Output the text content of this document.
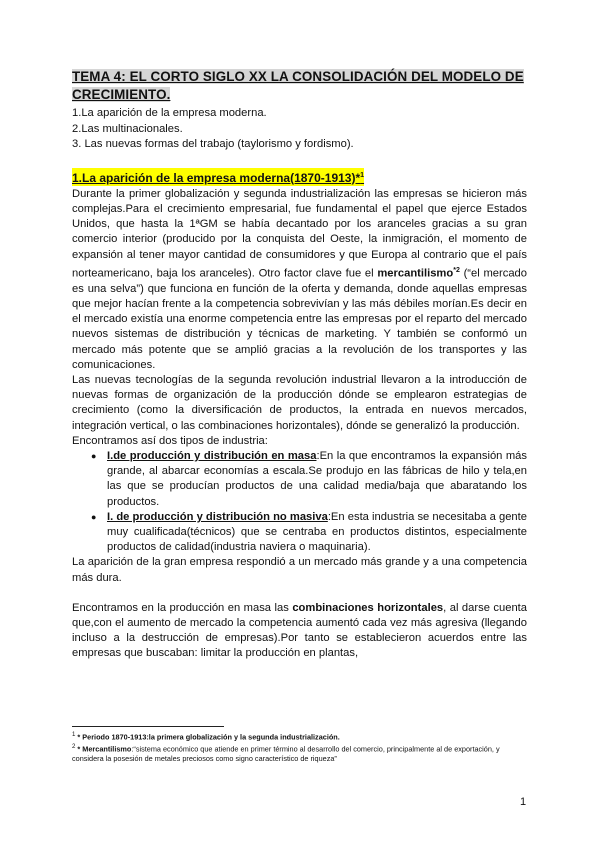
TEMA 4: EL CORTO SIGLO XX LA CONSOLIDACIÓN DEL MODELO DE CRECIMIENTO.
1.La aparición de la empresa moderna.
2.Las multinacionales.
3. Las nuevas formas del trabajo (taylorismo y fordismo).
1.La aparición de la empresa moderna(1870-1913)*$^1$

Durante la primer globalización y segunda industrialización las empresas se hicieron más complejas.Para el crecimiento empresarial, fue fundamental el papel que ejerce Estados Unidos, que hasta la 1ªGM se había decantado por los aranceles gracias a su gran comercio interior (producido por la conquista del Oeste, la inmigración, el momento de expansión al tener mayor cantidad de consumidores y que Europa al contrario que el país norteamericano, baja los aranceles). Otro factor clave fue el mercantilismo$^{*2}$ (“el mercado es una selva”) que funciona en función de la oferta y demanda, donde aquellas empresas que mejor hacían frente a la competencia sobrevivían y las más débiles morían.Es decir en el mercado existía una enorme competencia entre las empresas por el reparto del mercado nuevos sistemas de distribución y técnicas de marketing. Y también se conformó un mercado más potente que se amplió gracias a la revolución de los transportes y las comunicaciones.

Las nuevas tecnologías de la segunda revolución industrial llevaron a la introducción de nuevas formas de organización de la producción dónde se emplearon estrategias de crecimiento (como la diversificación de productos, la entrada en nuevos mercados, integración vertical, o las combinaciones horizontales), dónde se generalizó la producción.

Encontramos así dos tipos de industria:

● I.de producción y distribución en masa:En la que encontramos la expansión más grande, al abarcar economías a escala.Se produjo en las fábricas de hilo y tela,en las que se producían productos de una calidad media/baja que abaratando los productos.
● I. de producción y distribución no masiva:En esta industria se necesitaba a gente muy cualificada(técnicos) que se centraba en productos distintos, especialmente productos de calidad(industria naviera o maquinaria).

La aparición de la gran empresa respondió a un mercado más grande y a una competencia más dura.

Encontramos en la producción en masa las combinaciones horizontales, al darse cuenta que,con el aumento de mercado la competencia aumentó cada vez más agresiva (llegando incluso a la destrucción de empresas).Por tanto se establecieron acuerdos entre las empresas que buscaban: limitar la producción en plantas,

$^1$ * Periodo 1870-1913:la primera globalización y la segunda industrialización.
$^2$ * Mercantilismo:“sistema económico que atiende en primer término al desarrollo del comercio, principalmente al de exportación, y considera la posesión de metales preciosos como signo característico de riqueza”
1
